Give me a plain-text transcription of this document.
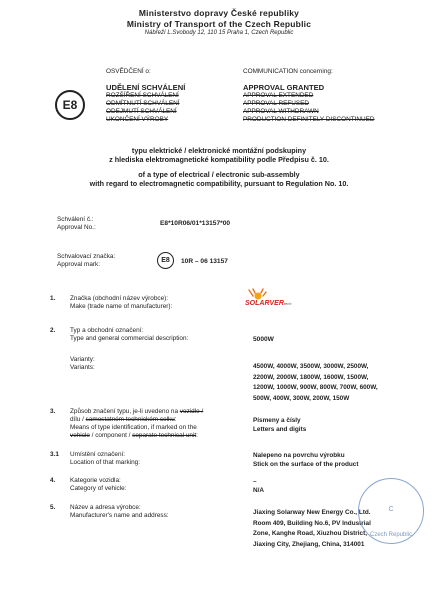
Ministerstvo dopravy České republiky
Ministry of Transport of the Czech Republic
Nábřeží L.Svobody 12, 110 15 Praha 1, Czech Republic
E8
OSVĚDČENÍ o:	COMMUNICATION concerning:
UDĚLENÍ SCHVÁLENÍ
ROZŠÍŘENÍ SCHVÁLENÍ
ODMÍTNUTÍ SCHVÁLENÍ
ODEJMUTÍ SCHVÁLENÍ
UKONČENÍ VÝROBY
APPROVAL GRANTED
APPROVAL EXTENDED
APPROVAL REFUSED
APPROVAL WITHDRAWN
PRODUCTION DEFINITELY DISCONTINUED
typu elektrické / elektronické montážní podskupiny
z hlediska elektromagnetické kompatibility podle Předpisu č. 10.
of a type of electrical / electronic sub-assembly
with regard to electromagnetic compatibility, pursuant to Regulation No. 10.
Schválení č.:
Approval No.:
E8*10R06/01*13157*00
Schvalovací značka:
Approval mark:
E8	10R – 06 13157
1. Značka (obchodní název výrobce):
Make (trade name of manufacturer):	SOLARVERtech
2. Typ a obchodní označení:
Type and general commercial description:	5000W
Varianty:
Variants:	4500W, 4000W, 3500W, 3000W, 2500W,
2200W, 2000W, 1800W, 1600W, 1500W,
1200W, 1000W, 900W, 800W, 700W, 600W,
500W, 400W, 300W, 200W, 150W
3. Způsob značení typu, je-li uvedeno na vozidle /
dílu / samostatném technickém celku:
Means of type identification, if marked on the
vehicle / component / separate technical unit:
Písmeny a čísly
Letters and digits
3.1 Umístění označení:
Location of that marking:
Nalepeno na povrchu výrobku
Stick on the surface of the product
4. Kategorie vozidla:
Category of vehicle:
–
N/A
5. Název a adresa výrobce:
Manufacturer's name and address:	Jiaxing Solarway New Energy Co., Ltd.
Room 409, Building No.6, PV Industrial
Zone, Kanghe Road, Xiuzhou District,
Jiaxing City, Zhejiang, China, 314001
C
Czech Republic
